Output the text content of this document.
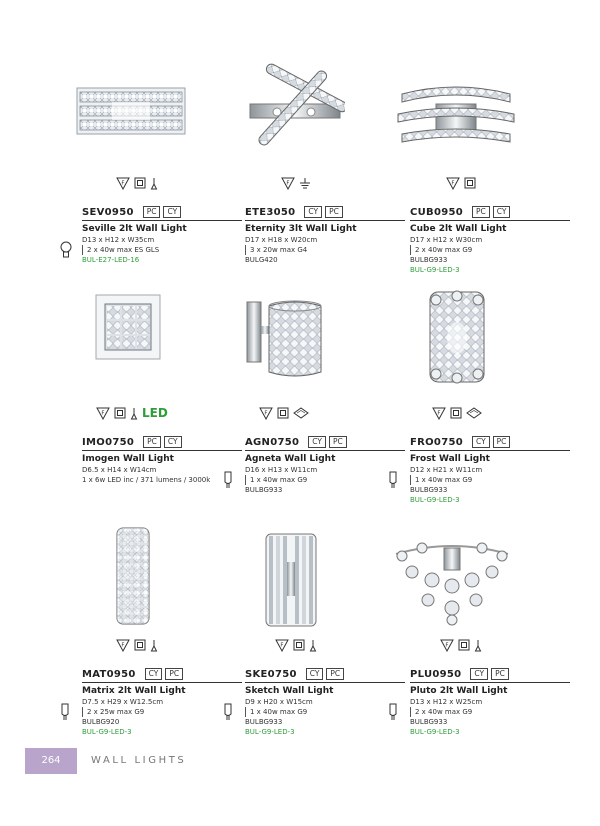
F
SEV0950	PC	CY
Seville 2lt Wall Light
D13 x H12 x W35cm
2 x 40w max ES GLS
BUL-E27-LED-16
F
ETE3050	CY	PC
Eternity 3lt Wall Light
D17 x H18 x W20cm
3 x 20w max G4
BULG420
F
CUB0950	PC	CY
Cube 2lt Wall Light
D17 x H12 x W30cm
2 x 40w max G9
BULBG933
BUL-G9-LED-3
F	LED
IMO0750	PC	CY
Imogen Wall Light
D6.5 x H14 x W14cm
1 x 6w LED inc / 371 lumens / 3000k
F
AGN0750	CY	PC
Agneta Wall Light
D16 x H13 x W11cm
1 x 40w max G9
BULBG933
F
FRO0750	CY	PC
Frost Wall Light
D12 x H21 x W11cm
1 x 40w max G9
BULBG933
BUL-G9-LED-3
F
MAT0950	CY	PC
Matrix 2lt Wall Light
D7.5 x H29 x W12.5cm
2 x 25w max G9
BULBG920
BUL-G9-LED-3
F
SKE0750	CY	PC
Sketch Wall Light
D9 x H20 x W15cm
1 x 40w max G9
BULBG933
BUL-G9-LED-3
F
PLU0950	CY	PC
Pluto 2lt Wall Light
D13 x H12 x W25cm
2 x 40w max G9
BULBG933
BUL-G9-LED-3
264	WALL LIGHTS
